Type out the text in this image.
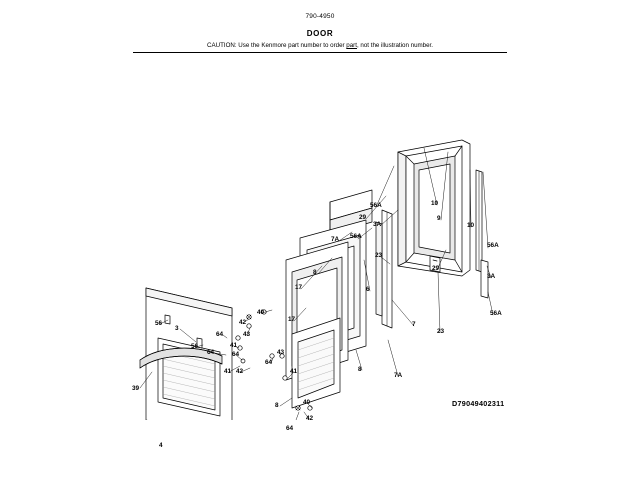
790-4950
DOOR
CAUTION: Use the Kenmore part number to order part, not the illustration number.
56A	10
29
3A
9
10
7A 56A
56A
23
29
3A
8
17	6
56A
40
17
7
56
3
42
64	43	23
56	41
64	64	43
64
8
41 42
7A
41
39
40
8
42
64
4
D79049402311
